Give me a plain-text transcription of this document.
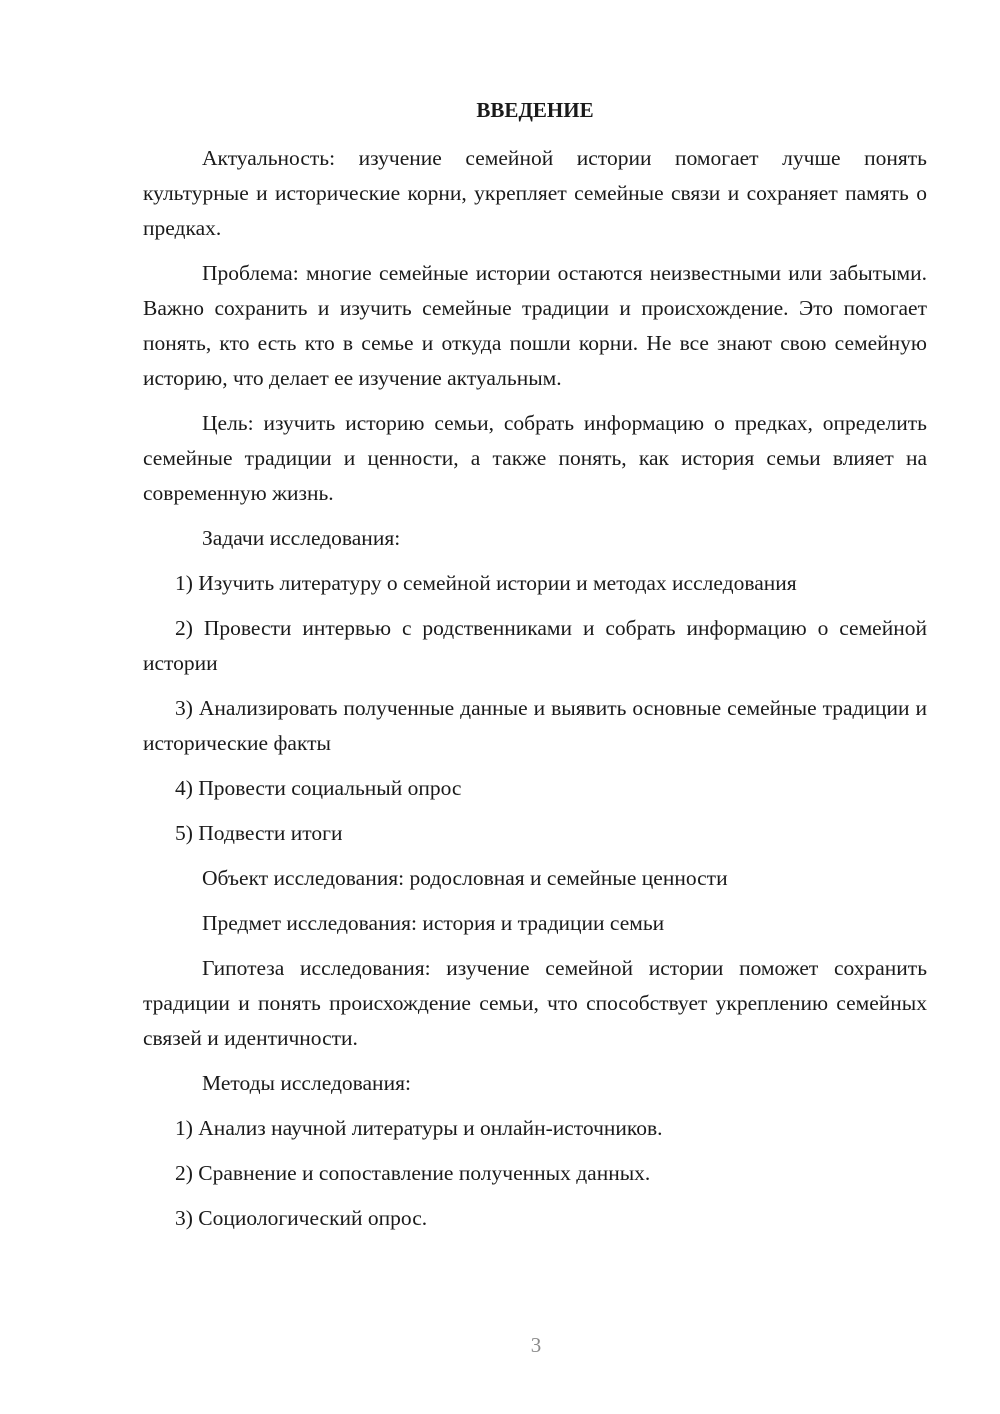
ВВЕДЕНИЕ

Актуальность: изучение семейной истории помогает лучше понять культурные и исторические корни, укрепляет семейные связи и сохраняет память о предках.

Проблема: многие семейные истории остаются неизвестными или забытыми. Важно сохранить и изучить семейные традиции и происхождение. Это помогает понять, кто есть кто в семье и откуда пошли корни. Не все знают свою семейную историю, что делает ее изучение актуальным.

Цель: изучить историю семьи, собрать информацию о предках, определить семейные традиции и ценности, а также понять, как история семьи влияет на современную жизнь.

Задачи исследования:

1) Изучить литературу о семейной истории и методах исследования

2) Провести интервью с родственниками и собрать информацию о семейной истории

3) Анализировать полученные данные и выявить основные семейные традиции и исторические факты

4) Провести социальный опрос

5) Подвести итоги

Объект исследования: родословная и семейные ценности

Предмет исследования: история и традиции семьи

Гипотеза исследования: изучение семейной истории поможет сохранить традиции и понять происхождение семьи, что способствует укреплению семейных связей и идентичности.

Методы исследования:

1) Анализ научной литературы и онлайн-источников.

2) Сравнение и сопоставление полученных данных.

3) Социологический опрос.

3
